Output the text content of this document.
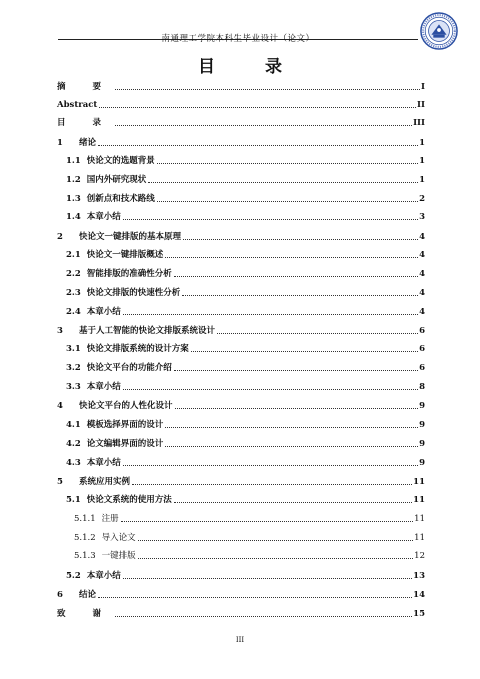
南通理工学院本科生毕业设计（论文）
目 录
摘 要	I
Abstract	II
目 录	III
1	绪论	1
1.1 快论文的选题背景	1
1.2 国内外研究现状	1
1.3 创新点和技术路线	2
1.4 本章小结	3
2	快论文一键排版的基本原理	4
2.1 快论文一键排版概述	4
2.2 智能排版的准确性分析	4
2.3 快论文排版的快速性分析	4
2.4 本章小结	4
3	基于人工智能的快论文排版系统设计	6
3.1 快论文排版系统的设计方案	6
3.2 快论文平台的功能介绍	6
3.3 本章小结	8
4	快论文平台的人性化设计	9
4.1 模板选择界面的设计	9
4.2 论文编辑界面的设计	9
4.3 本章小结	9
5	系统应用实例	11
5.1 快论文系统的使用方法	11
5.1.1 注册	11
5.1.2 导入论文	11
5.1.3 一键排版	12
5.2 本章小结	13
6	结论	14
致 谢	15
III
